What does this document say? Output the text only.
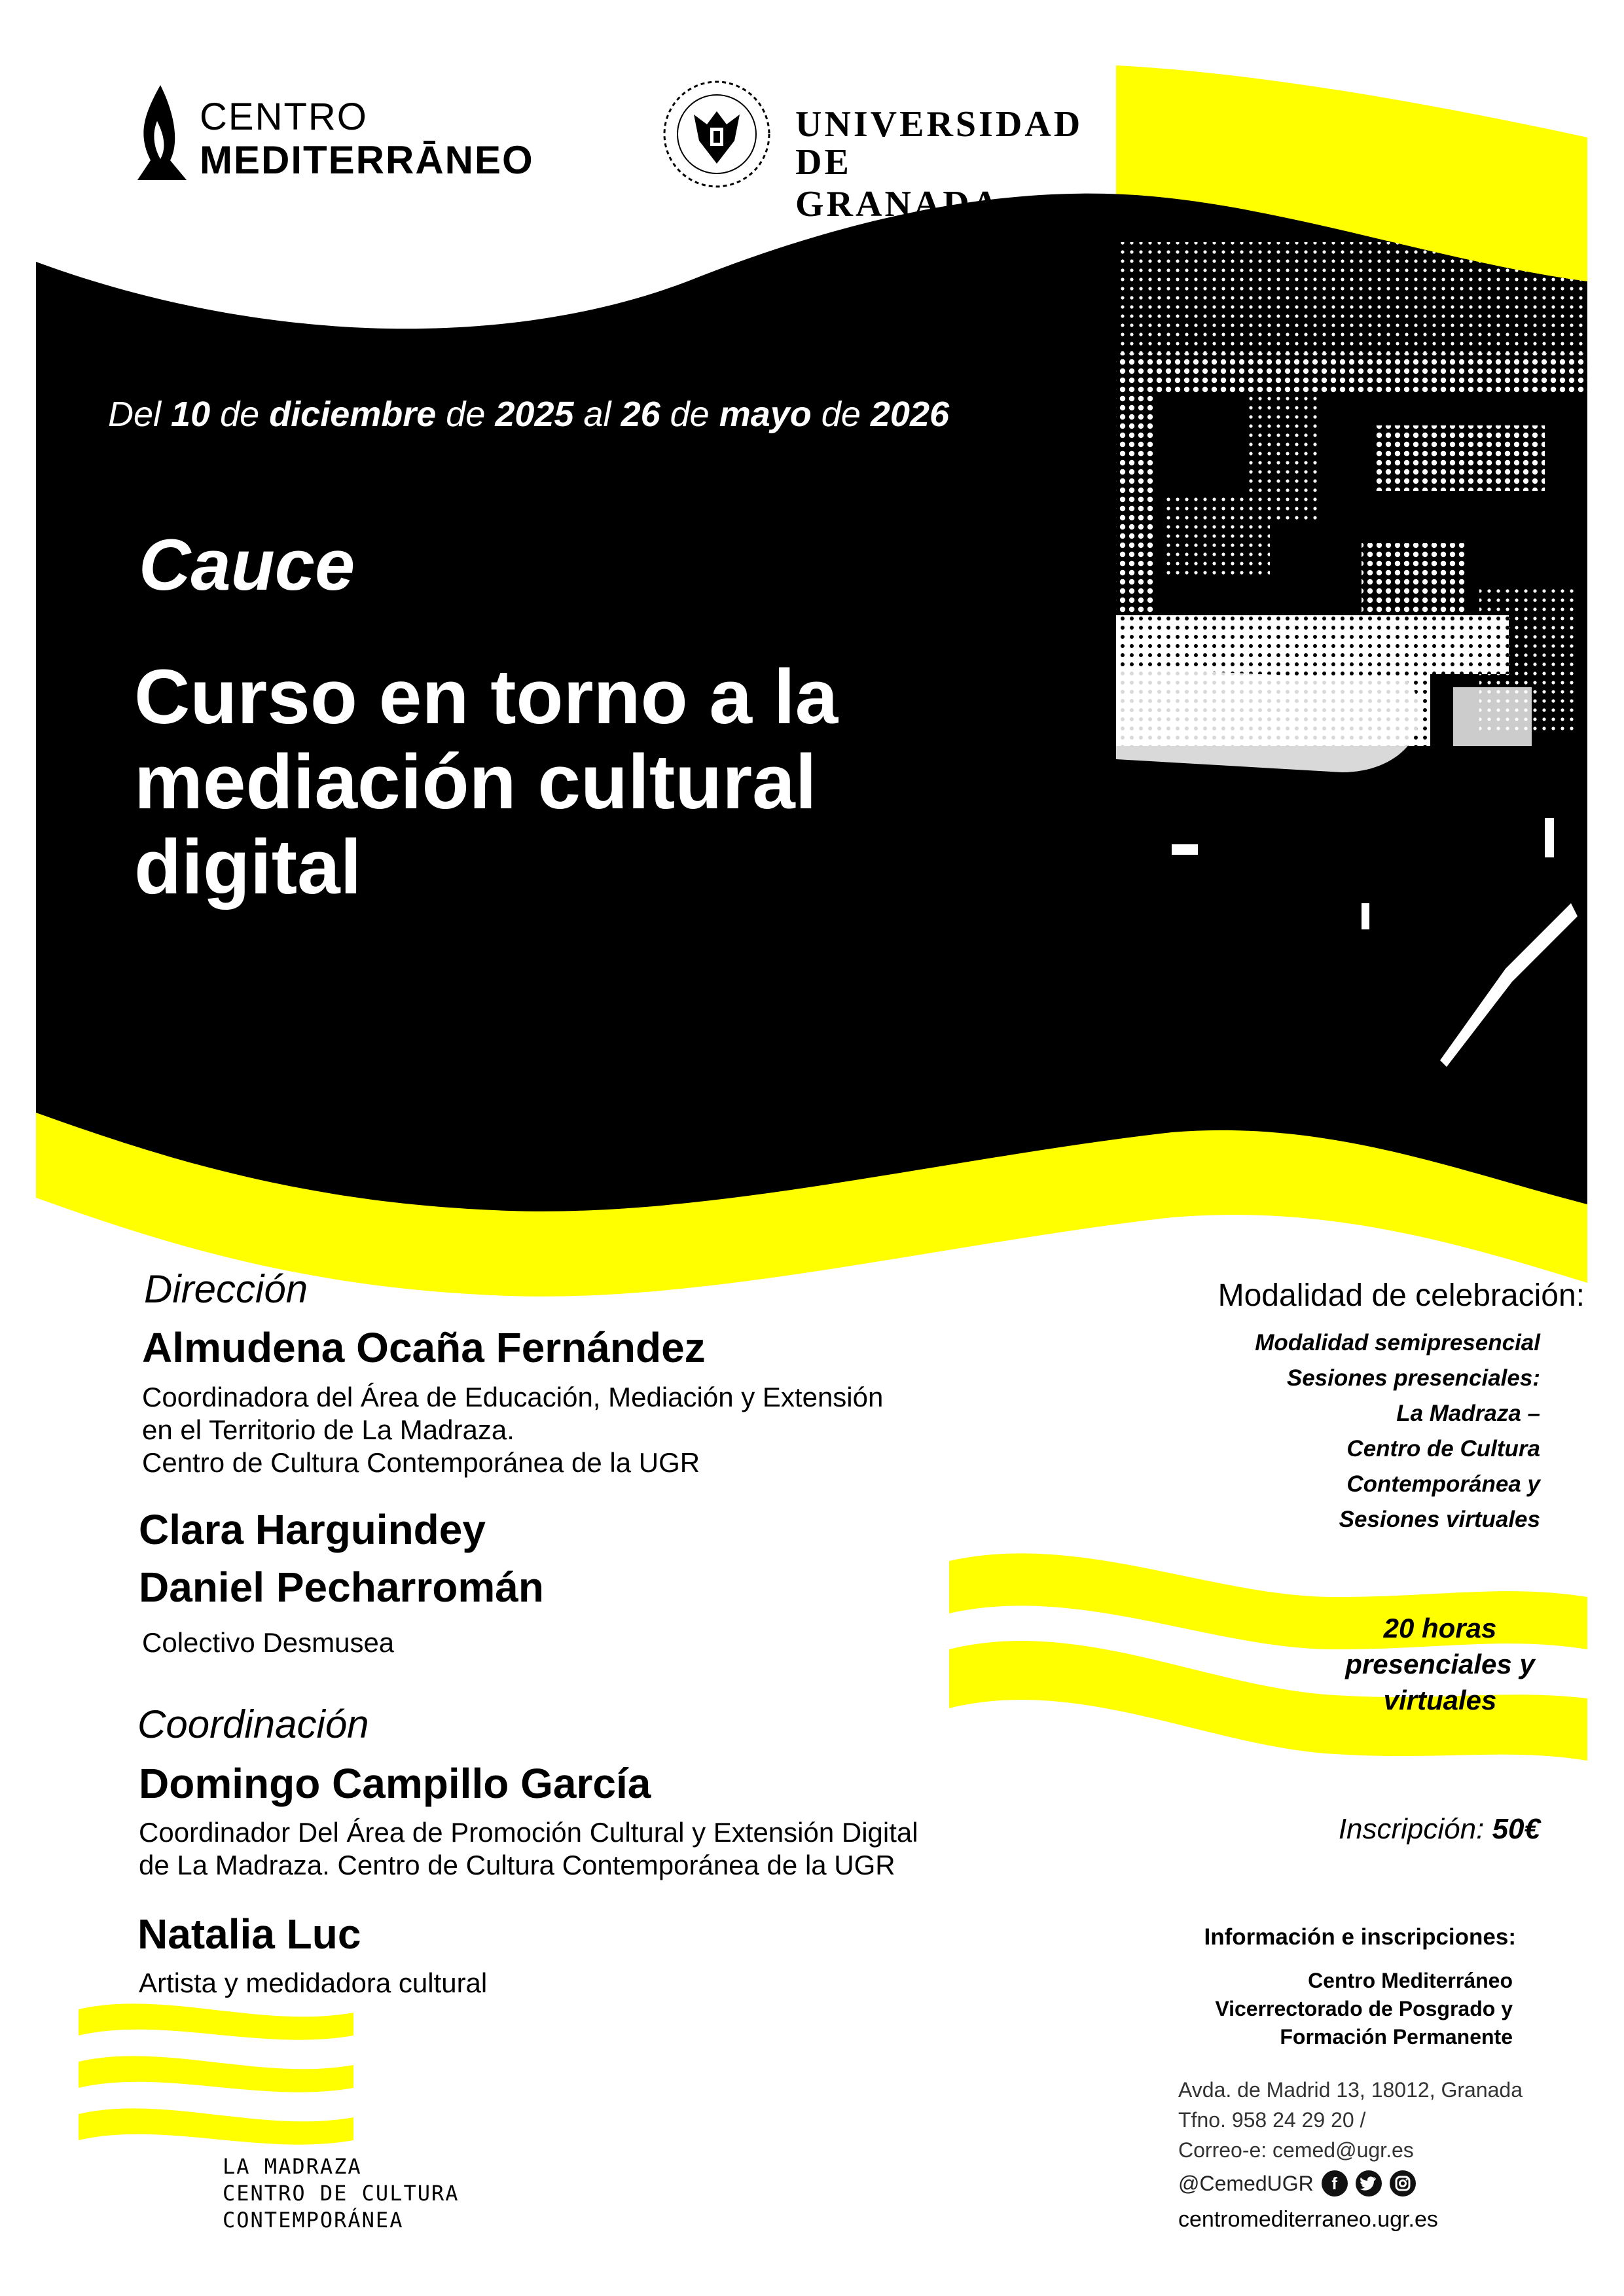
CENTRO
MEDITERRĀNEO
UNIVERSIDAD
DE GRANADA
Del 10 de diciembre de 2025 al 26 de mayo de 2026
Cauce
Curso en torno a la
mediación cultural
digital
Dirección
Almudena Ocaña Fernández
Coordinadora del Área de Educación, Mediación y Extensión
en el Territorio de La Madraza.
Centro de Cultura Contemporánea de la UGR
Clara Harguindey
Daniel Pecharromán
Colectivo Desmusea
Coordinación
Domingo Campillo García
Coordinador Del Área de Promoción Cultural y Extensión Digital
de La Madraza. Centro de Cultura Contemporánea de la UGR
Natalia Luc
Artista y medidadora cultural
Modalidad de celebración:
Modalidad semipresencial
Sesiones presenciales:
La Madraza –
Centro de Cultura
Contemporánea y
Sesiones virtuales
20 horas
presenciales y
virtuales
Inscripción: 50€
Información e inscripciones:
Centro Mediterráneo
Vicerrectorado de Posgrado y
Formación Permanente
Avda. de Madrid 13, 18012, Granada
Tfno. 958 24 29 20 /
Correo-e: cemed@ugr.es
@CemedUGR	f
centromediterraneo.ugr.es
LA MADRAZA
CENTRO DE CULTURA
CONTEMPORÁNEA
